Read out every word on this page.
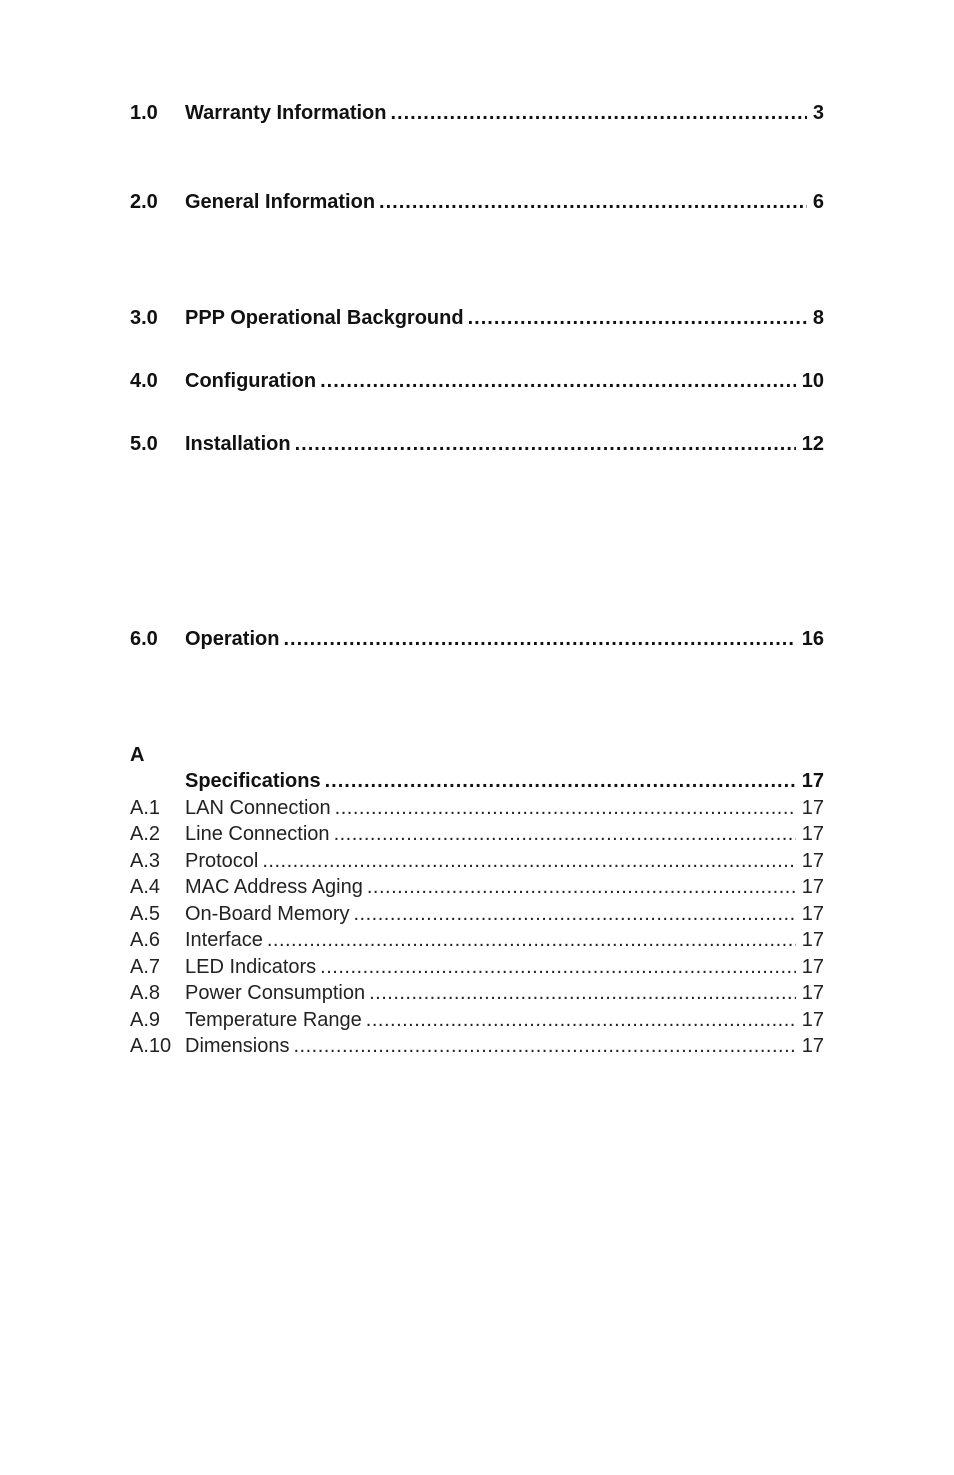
1.0	Warranty Information .....	3
2.0	General Information .....	6
3.0	PPP Operational Background .....	8
4.0	Configuration .....	10
5.0	Installation .....	12
6.0	Operation .....	16
A
Specifications .....	17
A.1	LAN Connection .....	17
A.2	Line Connection .....	17
A.3	Protocol .....	17
A.4	MAC Address Aging .....	17
A.5	On-Board Memory .....	17
A.6	Interface .....	17
A.7	LED Indicators .....	17
A.8	Power Consumption .....	17
A.9	Temperature Range .....	17
A.10 Dimensions .....	17
